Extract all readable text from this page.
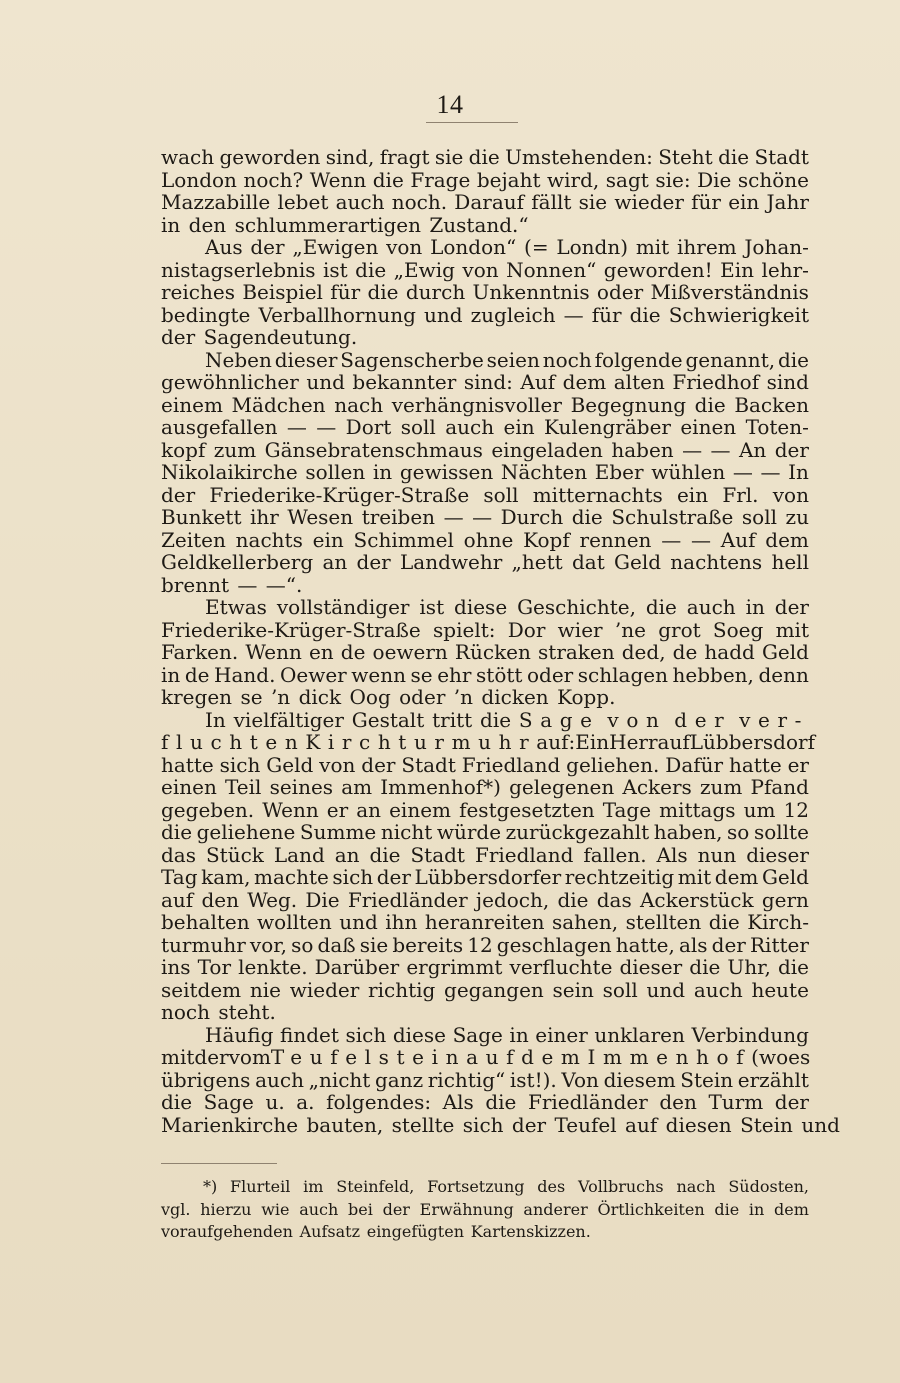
14
wach geworden sind, fragt sie die Umstehenden: Steht die Stadt
London noch? Wenn die Frage bejaht wird, sagt sie: Die schöne
Mazzabille lebet auch noch. Darauf fällt sie wieder für ein Jahr
in den schlummerartigen Zustand.“
Aus der „Ewigen von London“ (= Londn) mit ihrem Johan-
nistagserlebnis ist die „Ewig von Nonnen“ geworden! Ein lehr-
reiches Beispiel für die durch Unkenntnis oder Mißverständnis
bedingte Verballhornung und zugleich — für die Schwierigkeit
der Sagendeutung.
Neben dieser Sagenscherbe seien noch folgende genannt, die
gewöhnlicher und bekannter sind: Auf dem alten Friedhof sind
einem Mädchen nach verhängnisvoller Begegnung die Backen
ausgefallen — — Dort soll auch ein Kulengräber einen Toten-
kopf zum Gänsebratenschmaus eingeladen haben — — An der
Nikolaikirche sollen in gewissen Nächten Eber wühlen — — In
der Friederike-Krüger-Straße soll mitternachts ein Frl. von
Bunkett ihr Wesen treiben — — Durch die Schulstraße soll zu
Zeiten nachts ein Schimmel ohne Kopf rennen — — Auf dem
Geldkellerberg an der Landwehr „hett dat Geld nachtens hell
brennt — —“.
Etwas vollständiger ist diese Geschichte, die auch in der
Friederike-Krüger-Straße spielt: Dor wier ’ne grot Soeg mit
Farken. Wenn en de oewern Rücken straken ded, de hadd Geld
in de Hand. Oewer wenn se ehr stött oder schlagen hebben, denn
kregen se ’n dick Oog oder ’n dicken Kopp.
In vielfältiger Gestalt tritt die Sage von der ver-
fluchten Kirchturmuhr auf: Ein Herr auf Lübbersdorf
hatte sich Geld von der Stadt Friedland geliehen. Dafür hatte er
einen Teil seines am Immenhof*) gelegenen Ackers zum Pfand
gegeben. Wenn er an einem festgesetzten Tage mittags um 12
die geliehene Summe nicht würde zurückgezahlt haben, so sollte
das Stück Land an die Stadt Friedland fallen. Als nun dieser
Tag kam, machte sich der Lübbersdorfer rechtzeitig mit dem Geld
auf den Weg. Die Friedländer jedoch, die das Ackerstück gern
behalten wollten und ihn heranreiten sahen, stellten die Kirch-
turmuhr vor, so daß sie bereits 12 geschlagen hatte, als der Ritter
ins Tor lenkte. Darüber ergrimmt verfluchte dieser die Uhr, die
seitdem nie wieder richtig gegangen sein soll und auch heute
noch steht.
Häufig findet sich diese Sage in einer unklaren Verbindung
mit der vom Teufelstein auf dem Immenhof (wo es
übrigens auch „nicht ganz richtig“ ist!). Von diesem Stein erzählt
die Sage u. a. folgendes: Als die Friedländer den Turm der
Marienkirche bauten, stellte sich der Teufel auf diesen Stein und
*) Flurteil im Steinfeld, Fortsetzung des Vollbruchs nach Südosten,
vgl. hierzu wie auch bei der Erwähnung anderer Örtlichkeiten die in dem
voraufgehenden Aufsatz eingefügten Kartenskizzen.
